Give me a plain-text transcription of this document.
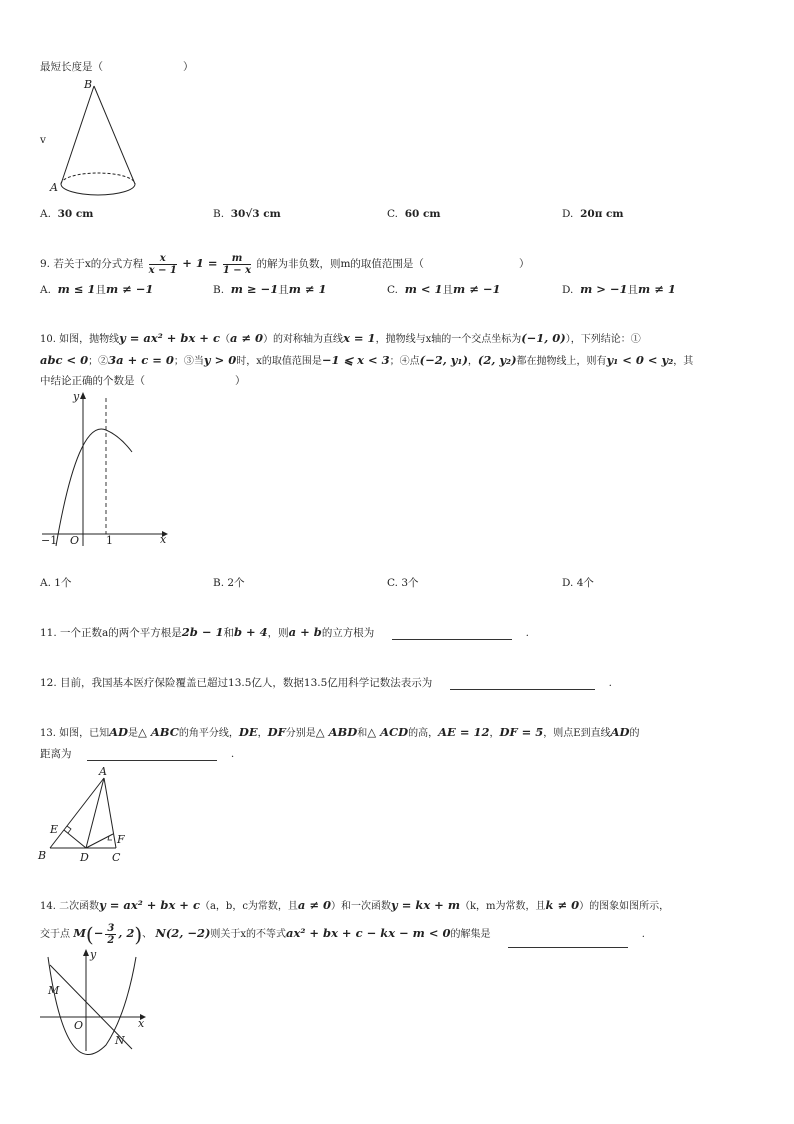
最短长度是（	）
v
B
A
A. 30 cm	B. 30√3 cm	C. 60 cm	D. 20π cm
9. 若关于x的分式方程 $\frac{x}{x - 1} + 1 = \frac{m}{1 - x}$ 的解为非负数，则m的取值范围是（	）
A. m ≤ 1且m ≠ −1	B. m ≥ −1且m ≠ 1	C. m < 1且m ≠ −1	D. m > −1且m ≠ 1
10. 如图，抛物线y = ax² + bx + c（a ≠ 0）的对称轴为直线x = 1，抛物线与x轴的一个交点坐标为(−1, 0)），下列结论：①
abc < 0；②3a + c = 0；③当y > 0时，x的取值范围是−1 ⩽ x < 3；④点(−2, y₁)，(2, y₂)都在抛物线上，则有y₁ < 0 < y₂，其
中结论正确的个数是（	）
y
x
O
−1	1
A. 1个	B. 2个	C. 3个	D. 4个
11. 一个正数a的两个平方根是2b − 1和b + 4，则a + b的立方根为	.
12. 目前，我国基本医疗保险覆盖已超过13.5亿人，数据13.5亿用科学记数法表示为	.
13. 如图，已知AD是△ ABC的角平分线，DE，DF分别是△ ABD和△ ACD的高，AE = 12，DF = 5，则点E到直线AD的
距离为	.
A
E
F
B	D C
14. 二次函数y = ax² + bx + c（a，b，c为常数，且a ≠ 0）和一次函数y = kx + m（k，m为常数，且k ≠ 0）的图象如图所示，
交于点 $M(- \frac{3}{2}$ , 2)、 N(2, −2)则关于x的不等式ax² + bx + c − kx − m < 0的解集是	.
y
x
O
M
N
